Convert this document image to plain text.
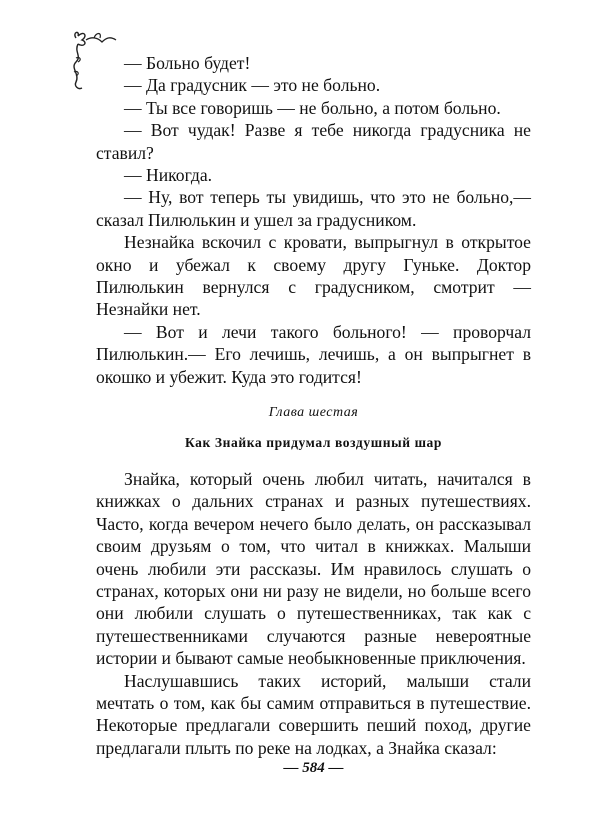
— Больно будет!

— Да градусник — это не больно.

— Ты все говоришь — не больно, а потом больно.

— Вот чудак! Разве я тебе никогда градусника не ставил?

— Никогда.

— Ну, вот теперь ты увидишь, что это не больно,— сказал Пилюлькин и ушел за градусником.

Незнайка вскочил с кровати, выпрыгнул в открытое окно и убежал к своему другу Гуньке. Доктор Пилюлькин вернулся с градусником, смотрит — Незнайки нет.

— Вот и лечи такого больного! — проворчал Пилюлькин.— Его лечишь, лечишь, а он выпрыгнет в окошко и убежит. Куда это годится!

Глава шестая
Как Знайка придумал воздушный шар

Знайка, который очень любил читать, начитался в книжках о дальних странах и разных путешествиях. Часто, когда вечером нечего было делать, он рассказывал своим друзьям о том, что читал в книжках. Малыши очень любили эти рассказы. Им нравилось слушать о странах, которых они ни разу не видели, но больше всего они любили слушать о путешественниках, так как с путешественниками случаются разные невероятные истории и бывают самые необыкновенные приключения.

Наслушавшись таких историй, малыши стали мечтать о том, как бы самим отправиться в путешествие. Некоторые предлагали совершить пеший поход, другие предлагали плыть по реке на лодках, а Знайка сказал:

— 584 —
